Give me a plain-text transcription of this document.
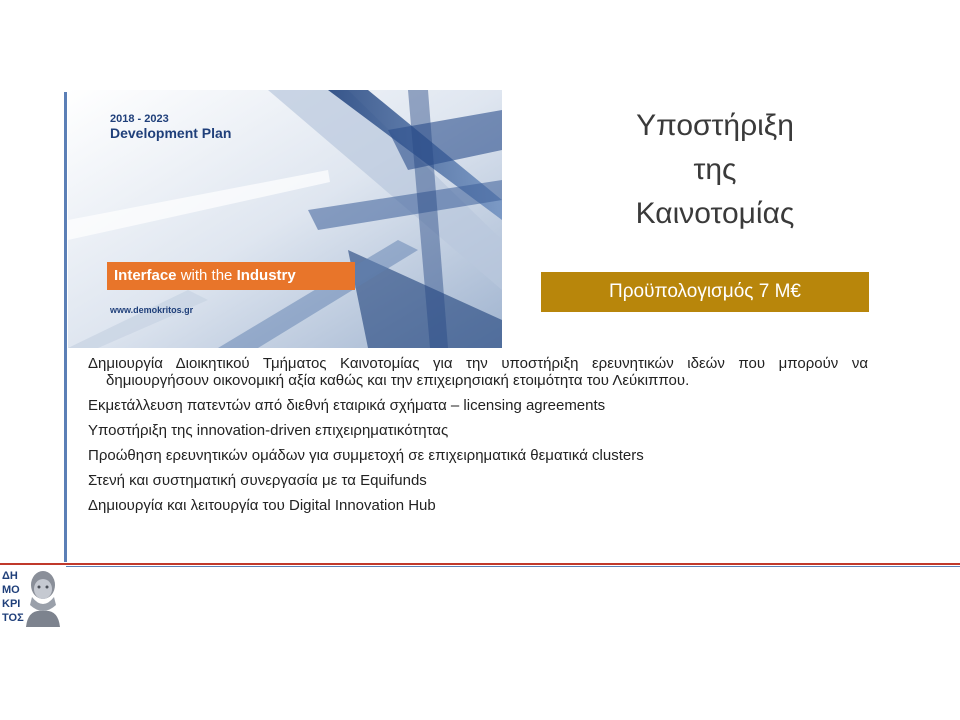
2018 - 2023
Development Plan
Interface with the Industry
www.demokritos.gr
Υποστήριξη
της
Καινοτομίας
Προϋπολογισμός 7 Μ€
Δημιουργία Διοικητικού Τμήματος Καινοτομίας για την υποστήριξη ερευνητικών ιδεών που μπορούν να δημιουργήσουν οικονομική αξία καθώς και την επιχειρησιακή ετοιμότητα του Λεύκιππου.
Εκμετάλλευση πατεντών από διεθνή εταιρικά σχήματα – licensing agreements
Υποστήριξη της innovation-driven επιχειρηματικότητας
Προώθηση ερευνητικών ομάδων για συμμετοχή σε επιχειρηματικά θεματικά clusters
Στενή και συστηματική συνεργασία με τα Equifunds
Δημιουργία και λειτουργία του Digital Innovation Hub
ΔΗΜΟΚΡΙΤΟΣ
